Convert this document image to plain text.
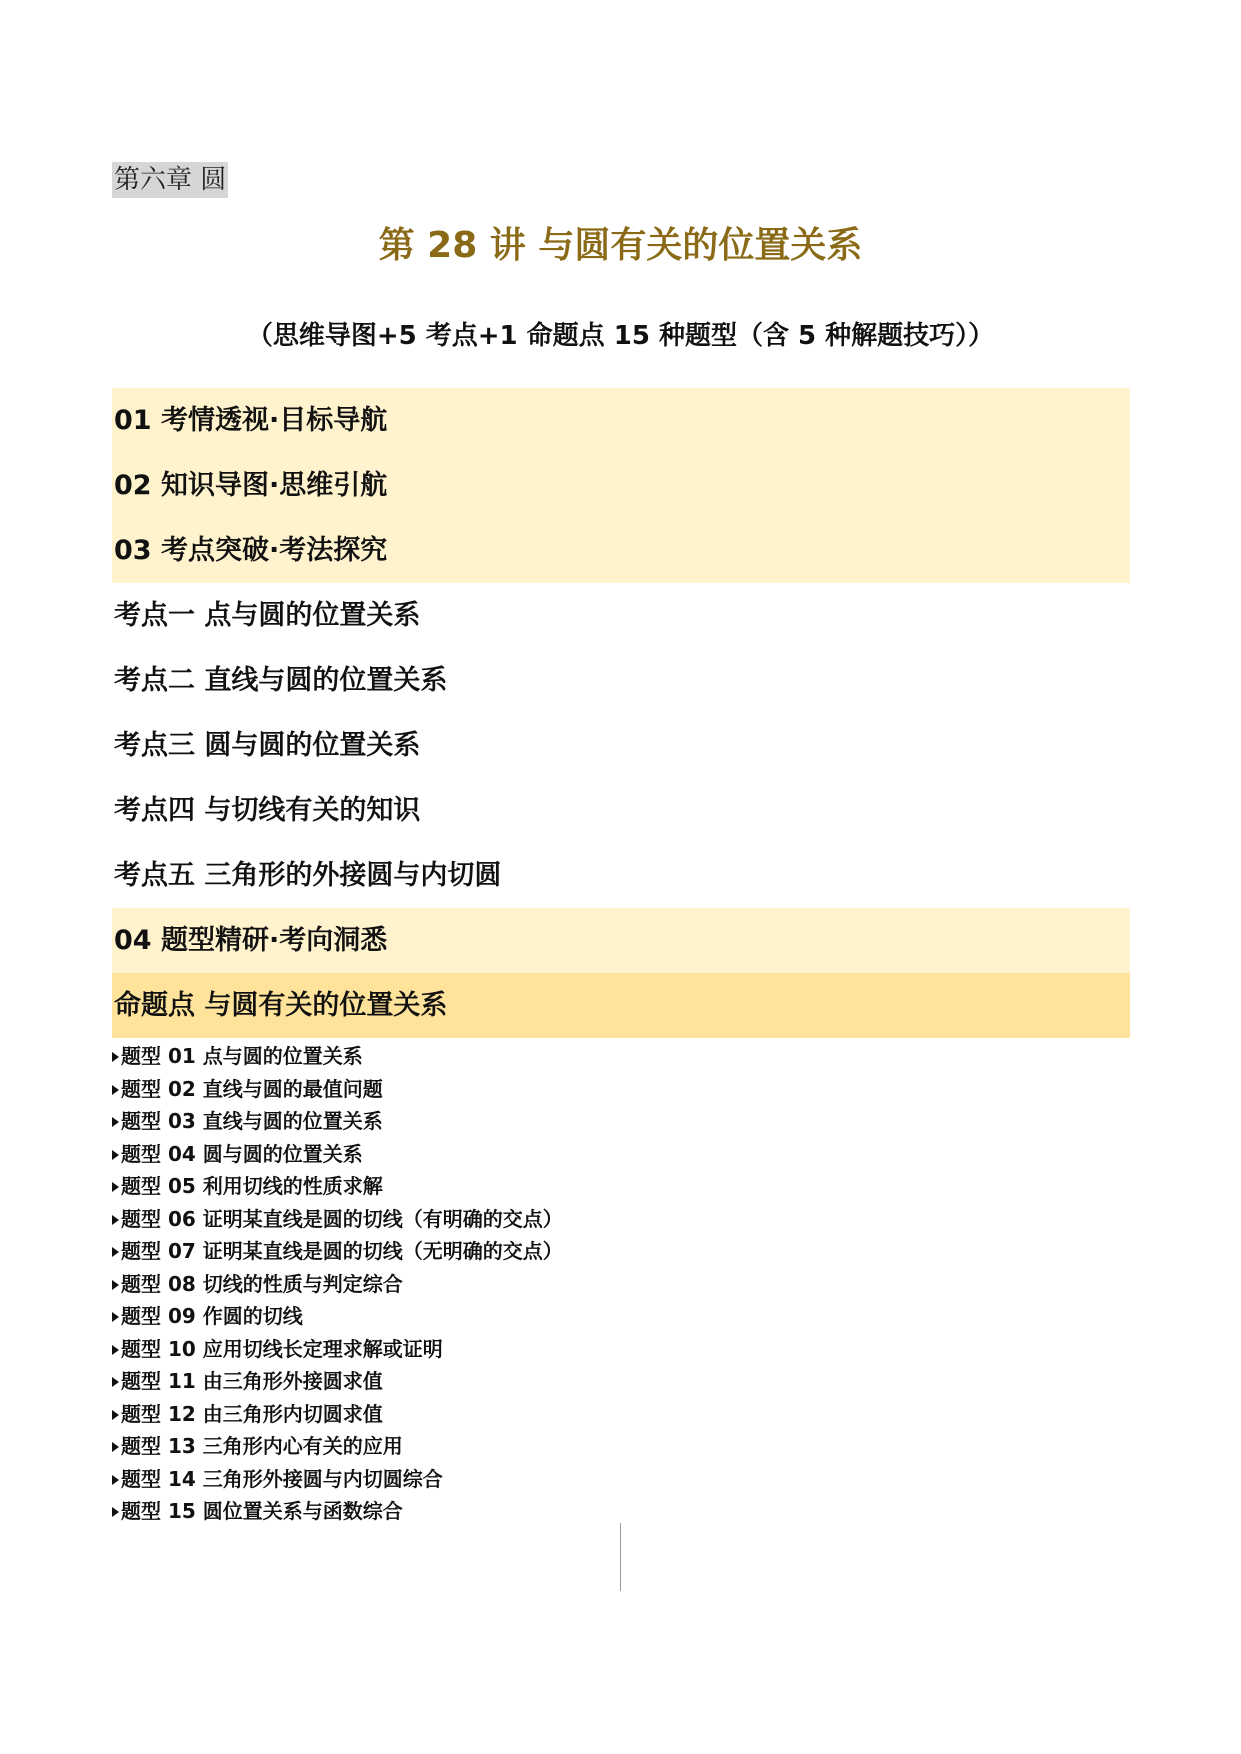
第六章 圆
第 28 讲 与圆有关的位置关系
（思维导图+5 考点+1 命题点 15 种题型（含 5 种解题技巧））
01 考情透视·目标导航
02 知识导图·思维引航
03 考点突破·考法探究
考点一 点与圆的位置关系
考点二 直线与圆的位置关系
考点三 圆与圆的位置关系
考点四 与切线有关的知识
考点五 三角形的外接圆与内切圆
04 题型精研·考向洞悉
命题点 与圆有关的位置关系
题型 01 点与圆的位置关系
题型 02 直线与圆的最值问题
题型 03 直线与圆的位置关系
题型 04 圆与圆的位置关系
题型 05 利用切线的性质求解
题型 06 证明某直线是圆的切线（有明确的交点）
题型 07 证明某直线是圆的切线（无明确的交点）
题型 08 切线的性质与判定综合
题型 09 作圆的切线
题型 10 应用切线长定理求解或证明
题型 11 由三角形外接圆求值
题型 12 由三角形内切圆求值
题型 13 三角形内心有关的应用
题型 14 三角形外接圆与内切圆综合
题型 15 圆位置关系与函数综合
